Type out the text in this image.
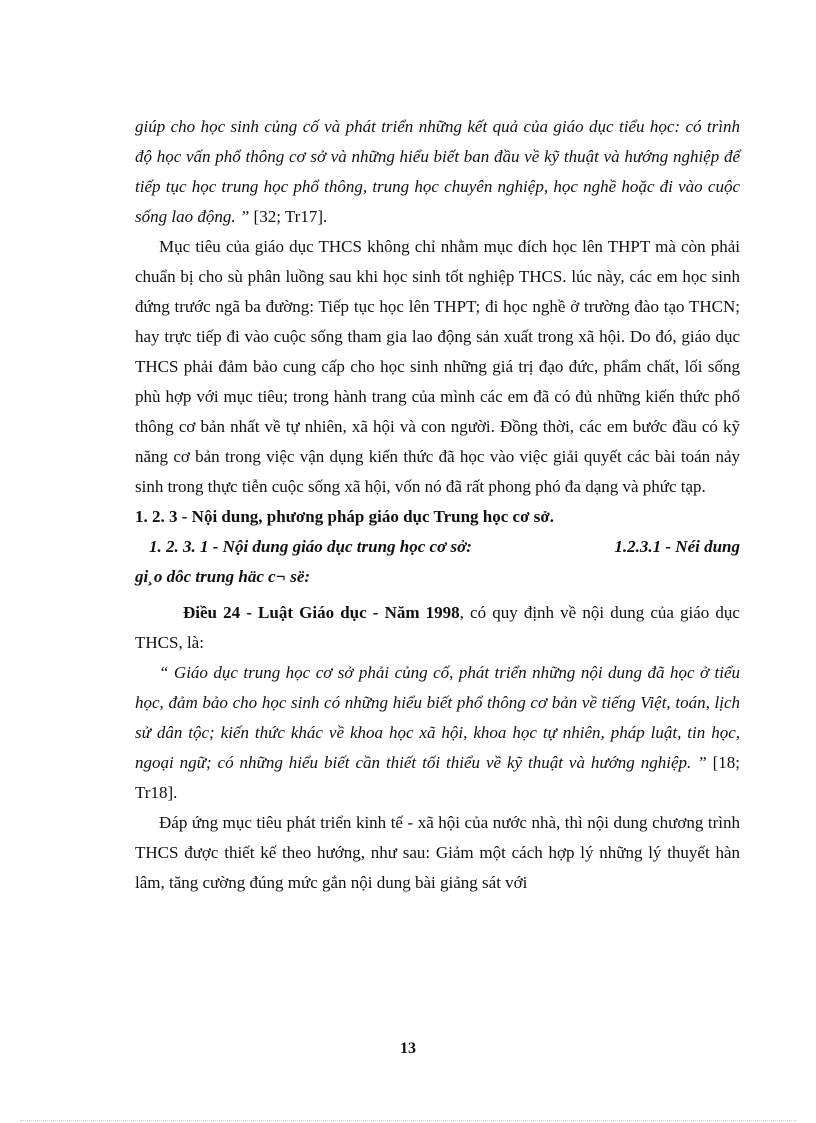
giúp cho học sinh củng cố và phát triển những kết quả của giáo dục tiểu học: có trình độ học vấn phổ thông cơ sở và những hiểu biết ban đầu về kỹ thuật và hướng nghiệp để tiếp tục học trung học phổ thông, trung học chuyên nghiệp, học nghề hoặc đi vào cuộc sống lao động. ” [32; Tr17].

Mục tiêu của giáo dục THCS không chỉ nhằm mục đích học lên THPT mà còn phải chuẩn bị cho sù phân luồng sau khi học sinh tốt nghiệp THCS. lúc này, các em học sinh đứng trước ngã ba đường: Tiếp tục học lên THPT; đi học nghề ở trường đào tạo THCN; hay trực tiếp đi vào cuộc sống tham gia lao động sản xuất trong xã hội. Do đó, giáo dục THCS phải đảm bảo cung cấp cho học sinh những giá trị đạo đức, phẩm chất, lối sống phù hợp với mục tiêu; trong hành trang của mình các em đã có đủ những kiến thức phổ thông cơ bản nhất về tự nhiên, xã hội và con người. Đồng thời, các em bước đầu có kỹ năng cơ bản trong việc vận dụng kiến thức đã học vào việc giải quyết các bài toán nảy sinh trong thực tiễn cuộc sống xã hội, vốn nó đã rất phong phó đa dạng và phức tạp.

1. 2. 3 - Nội dung, phương pháp giáo dục Trung học cơ sở.

1. 2. 3. 1 - Nội dung giáo dục trung học cơ sở:	1.2.3.1 - Néi dung

gi¸o dôc trung häc c¬ së:

Điều 24 - Luật Giáo dục - Năm 1998, có quy định về nội dung của giáo dục THCS, là:

“ Giáo dục trung học cơ sở phải củng cố, phát triển những nội dung đã học ở tiểu học, đảm bảo cho học sinh có những hiểu biết phổ thông cơ bản về tiếng Việt, toán, lịch sử dân tộc; kiến thức khác về khoa học xã hội, khoa học tự nhiên, pháp luật, tin học, ngoại ngữ; có những hiểu biết cần thiết tối thiểu về kỹ thuật và hướng nghiệp. ” [18; Tr18].

Đáp ứng mục tiêu phát triển kinh tế - xã hội của nước nhà, thì nội dung chương trình THCS được thiết kế theo hướng, như sau: Giảm một cách hợp lý những lý thuyết hàn lâm, tăng cường đúng mức gắn nội dung bài giảng sát với

13
